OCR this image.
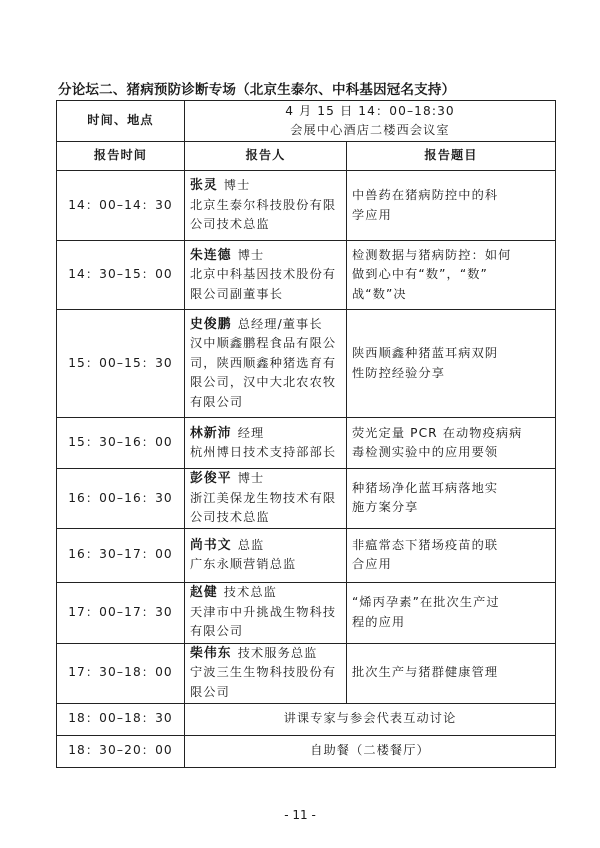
分论坛二、猪病预防诊断专场（北京生泰尔、中科基因冠名支持）
时间、地点	4 月 15 日 14：00–18:30
会展中心酒店二楼西会议室	

报告时间	报告人	报告题目
14：00–14：30	张灵 博士
北京生泰尔科技股份有限
公司技术总监	中兽药在猪病防控中的科
学应用

14：30–15：00	朱连德 博士
北京中科基因技术股份有
限公司副董事长	检测数据与猪病防控：如何
做到心中有“数”，“数”
战“数”决

15：00–15：30	史俊鹏 总经理/董事长
汉中顺鑫鹏程食品有限公
司，陕西顺鑫种猪选育有
限公司，汉中大北农农牧
有限公司	陕西顺鑫种猪蓝耳病双阴
性防控经验分享

15：30–16：00	林新沛 经理
杭州博日技术支持部部长	荧光定量 PCR 在动物疫病病
毒检测实验中的应用要领

16：00–16：30	彭俊平 博士
浙江美保龙生物技术有限
公司技术总监	种猪场净化蓝耳病落地实
施方案分享

16：30–17：00	尚书文 总监
广东永顺营销总监	非瘟常态下猪场疫苗的联
合应用

17：00–17：30	赵健 技术总监
天津市中升挑战生物科技
有限公司	“烯丙孕素”在批次生产过
程的应用

17：30–18：00	柴伟东 技术服务总监
宁波三生生物科技股份有
限公司	批次生产与猪群健康管理

18：00–18：30	讲课专家与参会代表互动讨论	
18：30–20：00	自助餐（二楼餐厅）	
- 11 -
